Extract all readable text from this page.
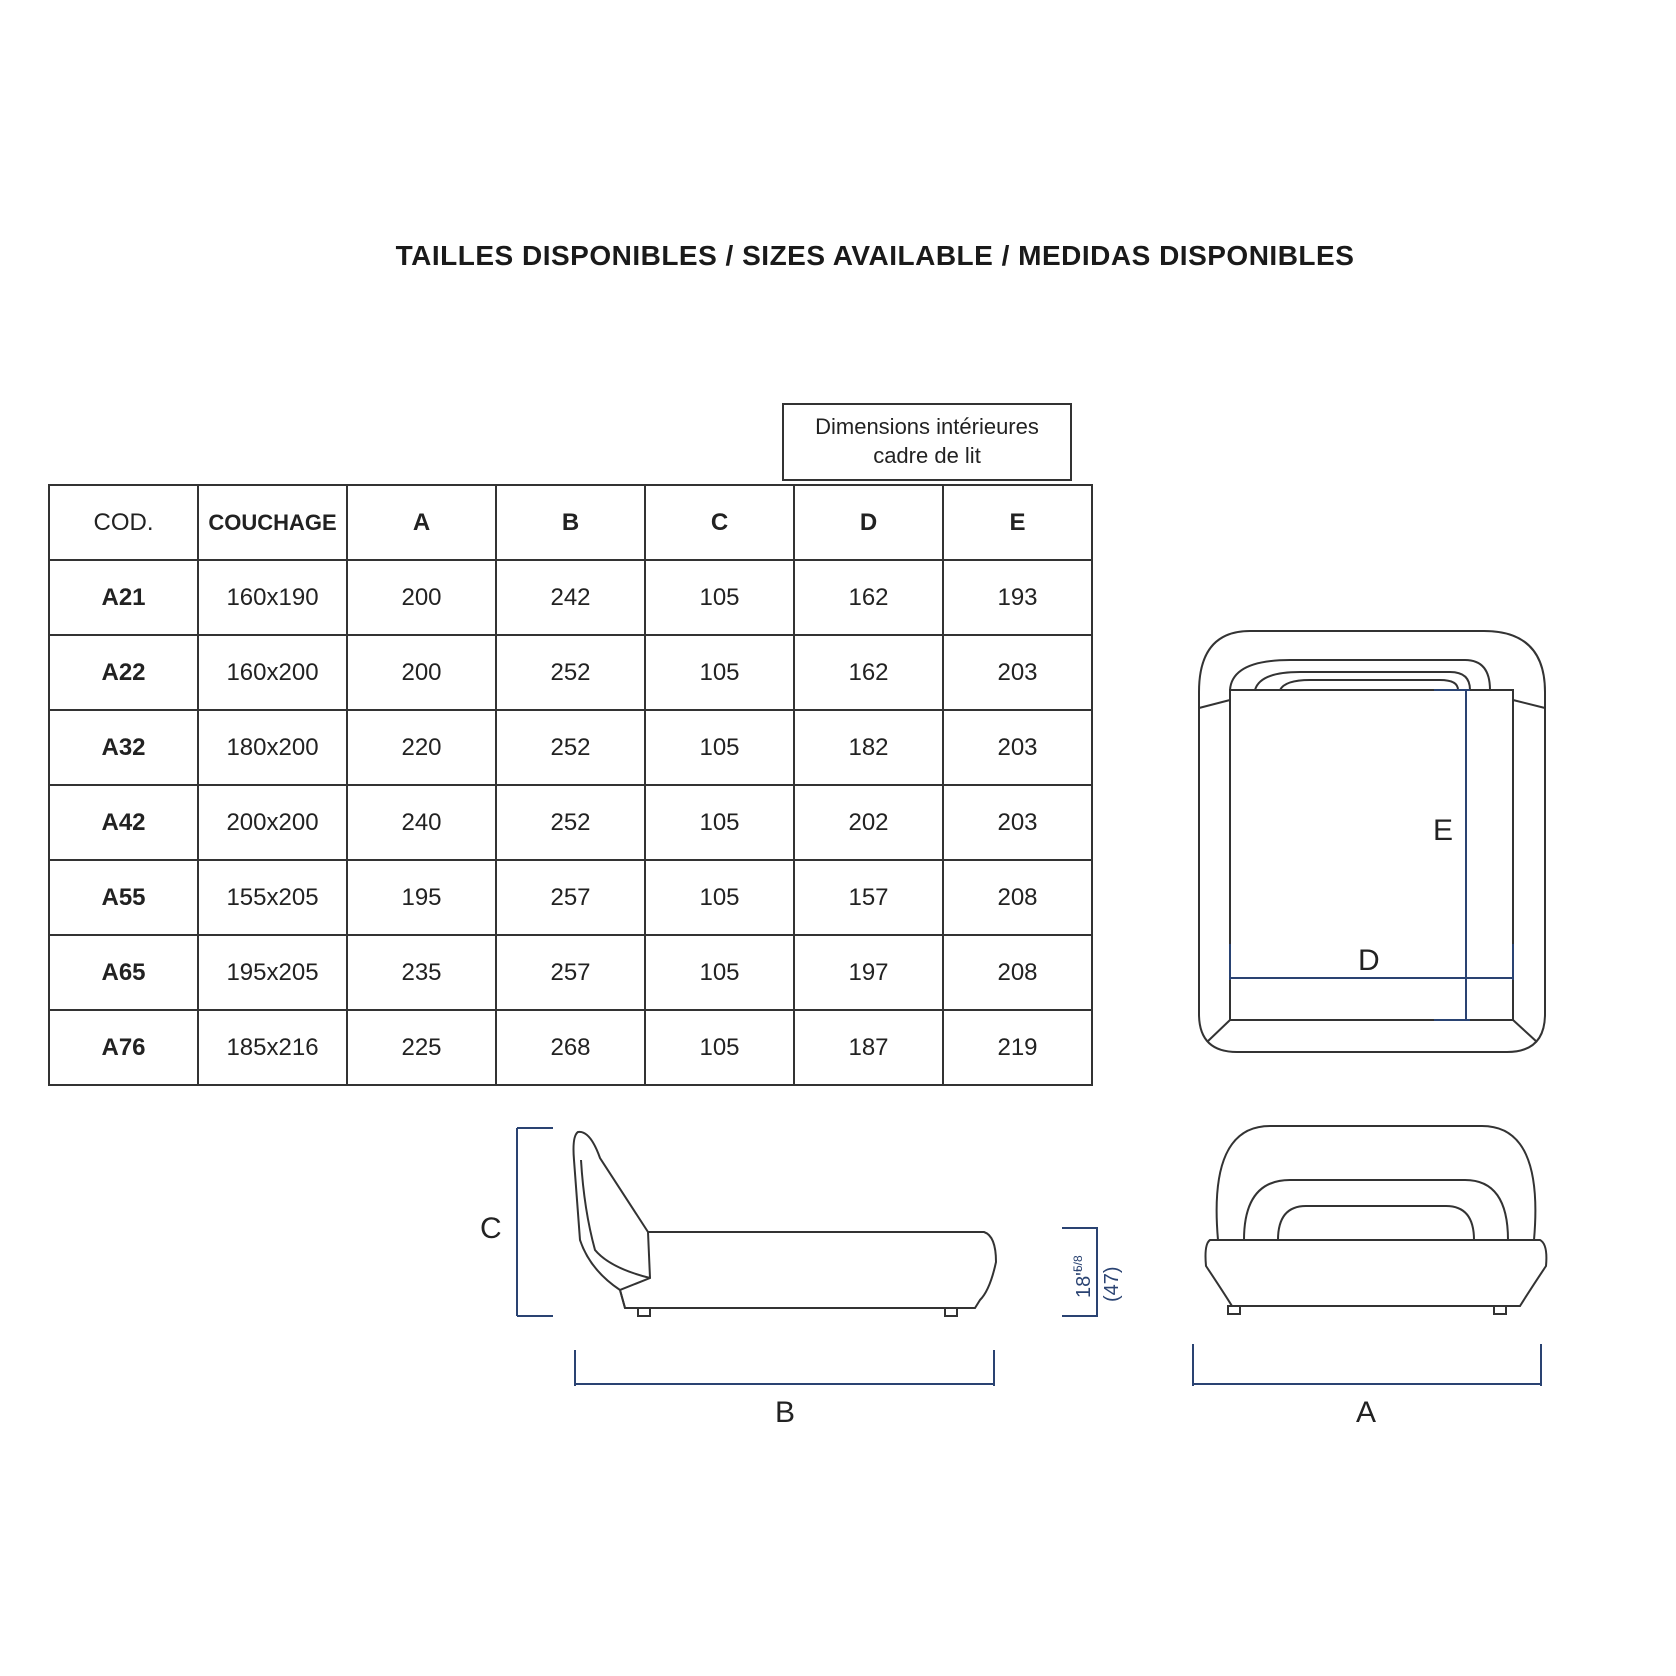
TAILLES DISPONIBLES / SIZES AVAILABLE / MEDIDAS DISPONIBLES
Dimensions intérieures
cadre de lit
COD.	COUCHAGE	A	B	C	D	E
A21	160x190	200	242	105	162	193
A22	160x200	200	252	105	162	203
A32	180x200	220	252	105	182	203
A42	200x200	240	252	105	202	203
A55	155x205	195	257	105	157	208
A65	195x205	235	257	105	197	208
A76	185x216	225	268	105	187	219
E
D
C
B
18"
5/8
(47)
A
